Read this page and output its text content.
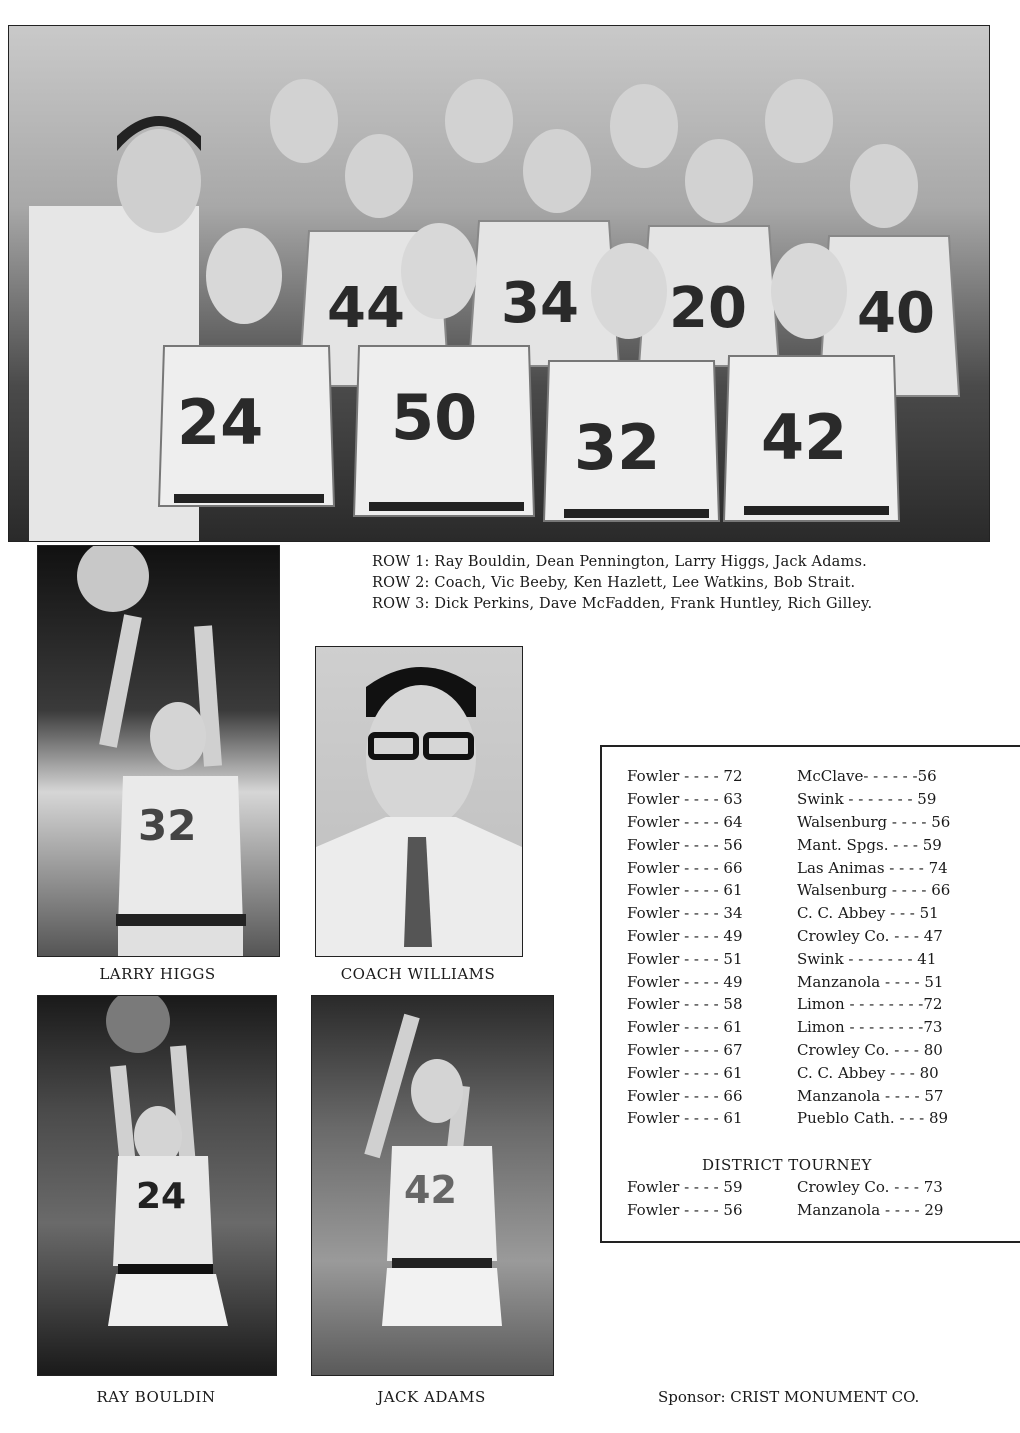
24 50 32 42
44 34 20 40
ROW 1: Ray Bouldin, Dean Pennington, Larry Higgs, Jack Adams.
ROW 2: Coach, Vic Beeby, Ken Hazlett, Lee Watkins, Bob Strait.
ROW 3: Dick Perkins, Dave McFadden, Frank Huntley, Rich Gilley.
32
LARRY HIGGS	COACH WILLIAMS
24
RAY BOULDIN
42
JACK ADAMS
Fowler - - - - 72	McClave- - - - - -56
Fowler - - - - 63	Swink - - - - - - - 59
Fowler - - - - 64	Walsenburg - - - - 56
Fowler - - - - 56	Mant. Spgs. - - - 59
Fowler - - - - 66	Las Animas - - - - 74
Fowler - - - - 61	Walsenburg - - - - 66
Fowler - - - - 34	C. C. Abbey - - - 51
Fowler - - - - 49	Crowley Co. - - - 47
Fowler - - - - 51	Swink - - - - - - - 41
Fowler - - - - 49	Manzanola - - - - 51
Fowler - - - - 58	Limon - - - - - - - -72
Fowler - - - - 61	Limon - - - - - - - -73
Fowler - - - - 67	Crowley Co. - - - 80
Fowler - - - - 61	C. C. Abbey - - - 80
Fowler - - - - 66	Manzanola - - - - 57
Fowler - - - - 61	Pueblo Cath. - - - 89
DISTRICT TOURNEY
Fowler - - - - 59	Crowley Co. - - - 73
Fowler - - - - 56	Manzanola - - - - 29
Sponsor: CRIST MONUMENT CO.
